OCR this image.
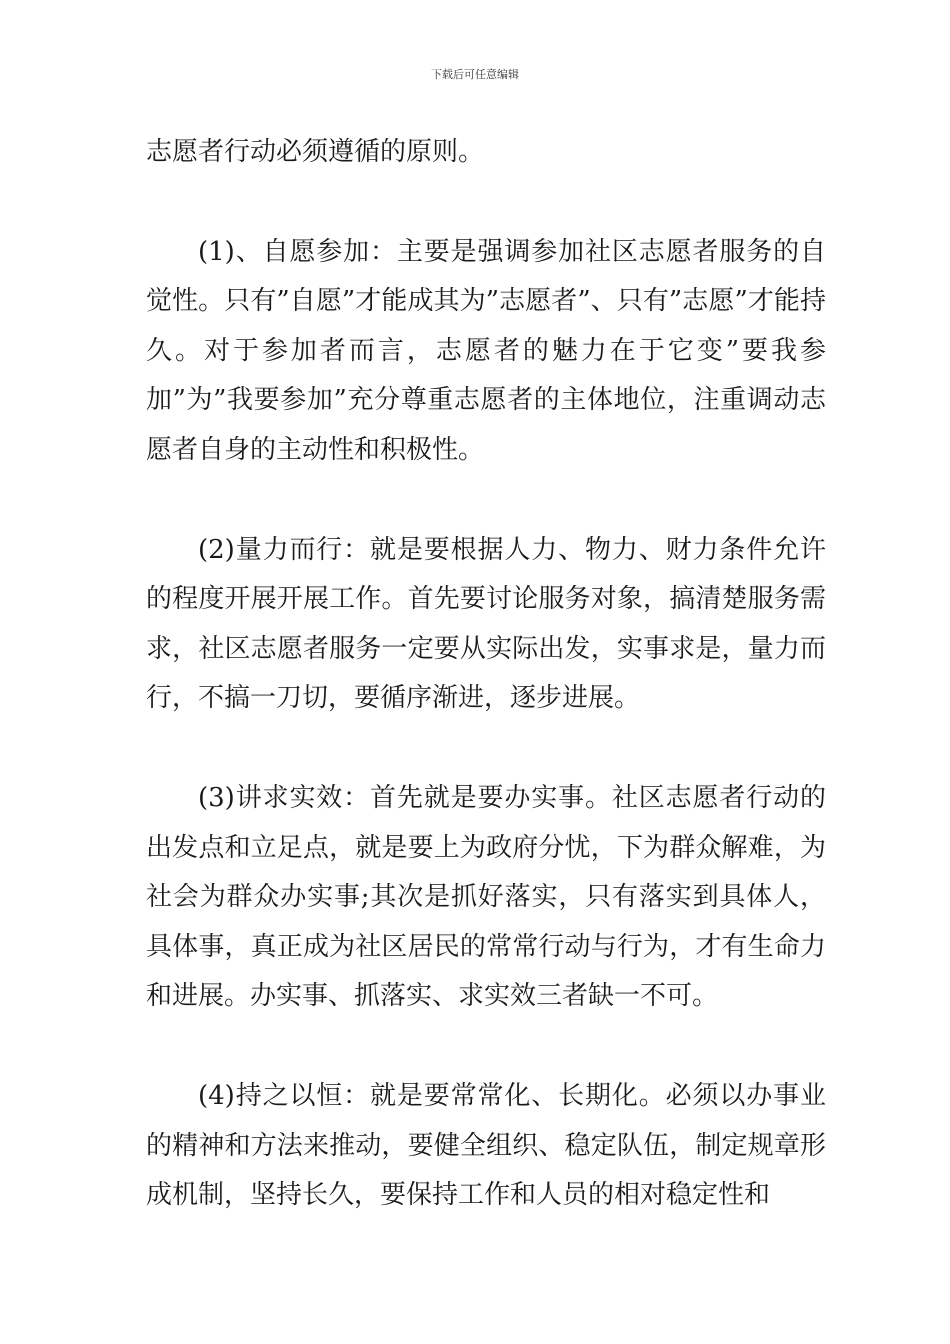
下载后可任意编辑

志愿者行动必须遵循的原则。

(1)、自愿参加：主要是强调参加社区志愿者服务的自觉性。只有”自愿”才能成其为”志愿者”、只有”志愿”才能持久。对于参加者而言，志愿者的魅力在于它变”要我参加”为”我要参加”充分尊重志愿者的主体地位，注重调动志愿者自身的主动性和积极性。

(2)量力而行：就是要根据人力、物力、财力条件允许的程度开展开展工作。首先要讨论服务对象，搞清楚服务需求，社区志愿者服务一定要从实际出发，实事求是，量力而行，不搞一刀切，要循序渐进，逐步进展。

(3)讲求实效：首先就是要办实事。社区志愿者行动的出发点和立足点，就是要上为政府分忧，下为群众解难，为社会为群众办实事;其次是抓好落实，只有落实到具体人，具体事，真正成为社区居民的常常行动与行为，才有生命力和进展。办实事、抓落实、求实效三者缺一不可。

(4)持之以恒：就是要常常化、长期化。必须以办事业的精神和方法来推动，要健全组织、稳定队伍，制定规章形成机制，坚持长久，要保持工作和人员的相对稳定性和
